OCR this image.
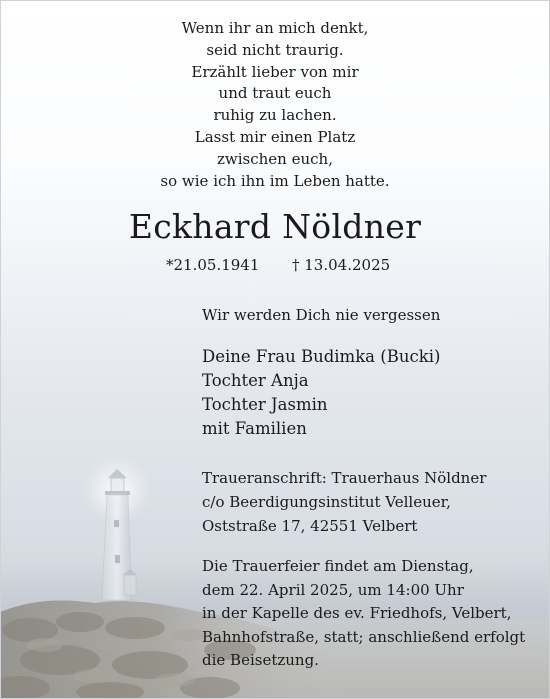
Wenn ihr an mich denkt,
seid nicht traurig.
Erzählt lieber von mir
und traut euch
ruhig zu lachen.
Lasst mir einen Platz
zwischen euch,
so wie ich ihn im Leben hatte.
Eckhard Nöldner
*21.05.1941 † 13.04.2025
Wir werden Dich nie vergessen
Deine Frau Budimka (Bucki)
Tochter Anja
Tochter Jasmin
mit Familien
Traueranschrift: Trauerhaus Nöldner
c/o Beerdigungsinstitut Velleuer,
Oststraße 17, 42551 Velbert
Die Trauerfeier findet am Dienstag,
dem 22. April 2025, um 14:00 Uhr
in der Kapelle des ev. Friedhofs, Velbert,
Bahnhofstraße, statt; anschließend erfolgt
die Beisetzung.
